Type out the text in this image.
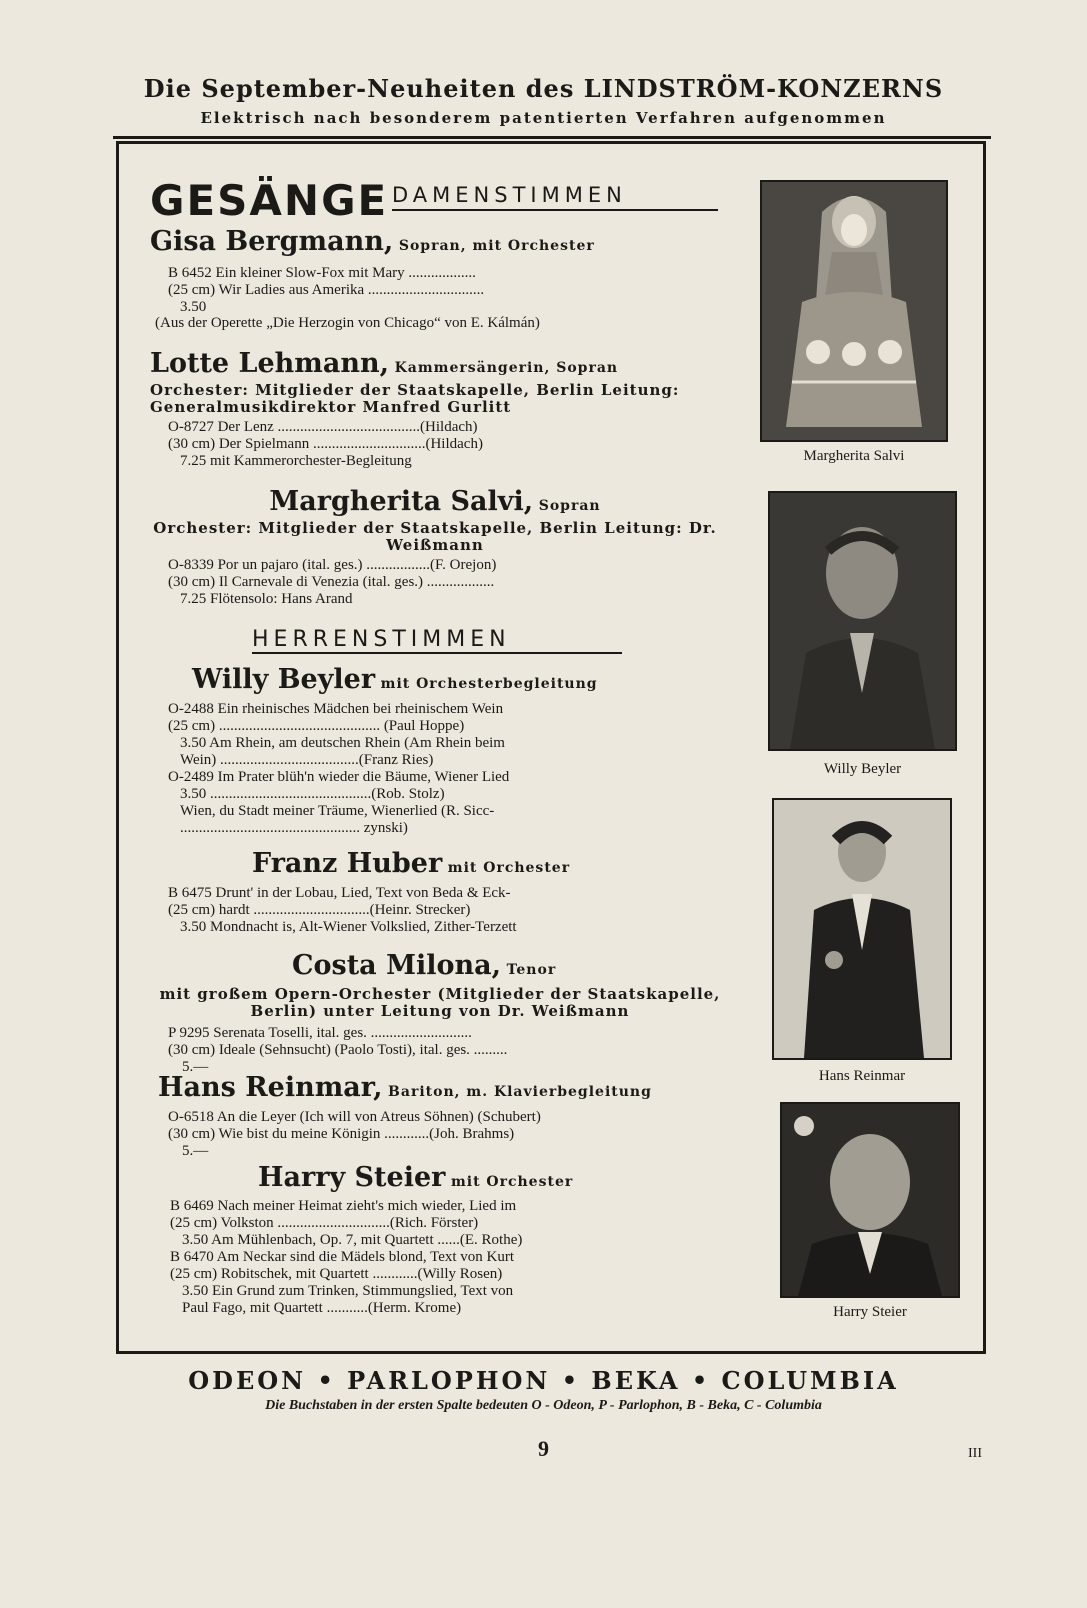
Die September-Neuheiten des LINDSTRÖM-KONZERNS
Elektrisch nach besonderem patentierten Verfahren aufgenommen
GESÄNGE DAMENSTIMMEN
Gisa Bergmann, Sopran, mit Orchester
B 6452 Ein kleiner Slow-Fox mit Mary ..................
(25 cm) Wir Ladies aus Amerika ...............................
3.50
(Aus der Operette „Die Herzogin von Chicago“ von E. Kálmán)
Lotte Lehmann, Kammersängerin, Sopran
Orchester: Mitglieder der Staatskapelle, Berlin Leitung: Generalmusikdirektor Manfred Gurlitt
O-8727 Der Lenz ......................................(Hildach)
(30 cm) Der Spielmann ..............................(Hildach)
7.25 mit Kammerorchester-Begleitung
Margherita Salvi, Sopran
Orchester: Mitglieder der Staatskapelle, Berlin Leitung: Dr. Weißmann
O-8339 Por un pajaro (ital. ges.) .................(F. Orejon)
(30 cm) Il Carnevale di Venezia (ital. ges.) ..................
7.25 Flötensolo: Hans Arand
HERRENSTIMMEN
Willy Beyler mit Orchesterbegleitung
O-2488 Ein rheinisches Mädchen bei rheinischem Wein
(25 cm) ........................................... (Paul Hoppe)
3.50 Am Rhein, am deutschen Rhein (Am Rhein beim
Wein) .....................................(Franz Ries)
O-2489 Im Prater blüh'n wieder die Bäume, Wiener Lied
3.50 ...........................................(Rob. Stolz)
Wien, du Stadt meiner Träume, Wienerlied (R. Sicc-
................................................ zynski)
Franz Huber mit Orchester
B 6475 Drunt' in der Lobau, Lied, Text von Beda & Eck-
(25 cm) hardt ...............................(Heinr. Strecker)
3.50 Mondnacht is, Alt-Wiener Volkslied, Zither-Terzett
Costa Milona, Tenor
mit großem Opern-Orchester (Mitglieder der Staatskapelle, Berlin) unter Leitung von Dr. Weißmann
P 9295 Serenata Toselli, ital. ges. ...........................
(30 cm) Ideale (Sehnsucht) (Paolo Tosti), ital. ges. .........
5.—
Hans Reinmar, Bariton, m. Klavierbegleitung
O-6518 An die Leyer (Ich will von Atreus Söhnen) (Schubert)
(30 cm) Wie bist du meine Königin ............(Joh. Brahms)
5.—
Harry Steier mit Orchester
B 6469 Nach meiner Heimat zieht's mich wieder, Lied im
(25 cm) Volkston ..............................(Rich. Förster)
3.50 Am Mühlenbach, Op. 7, mit Quartett ......(E. Rothe)
B 6470 Am Neckar sind die Mädels blond, Text von Kurt
(25 cm) Robitschek, mit Quartett ............(Willy Rosen)
3.50 Ein Grund zum Trinken, Stimmungslied, Text von
Paul Fago, mit Quartett ...........(Herm. Krome)
Margherita Salvi
Willy Beyler
Hans Reinmar
Harry Steier
ODEON • PARLOPHON • BEKA • COLUMBIA
Die Buchstaben in der ersten Spalte bedeuten O - Odeon, P - Parlophon, B - Beka, C - Columbia
9	III
